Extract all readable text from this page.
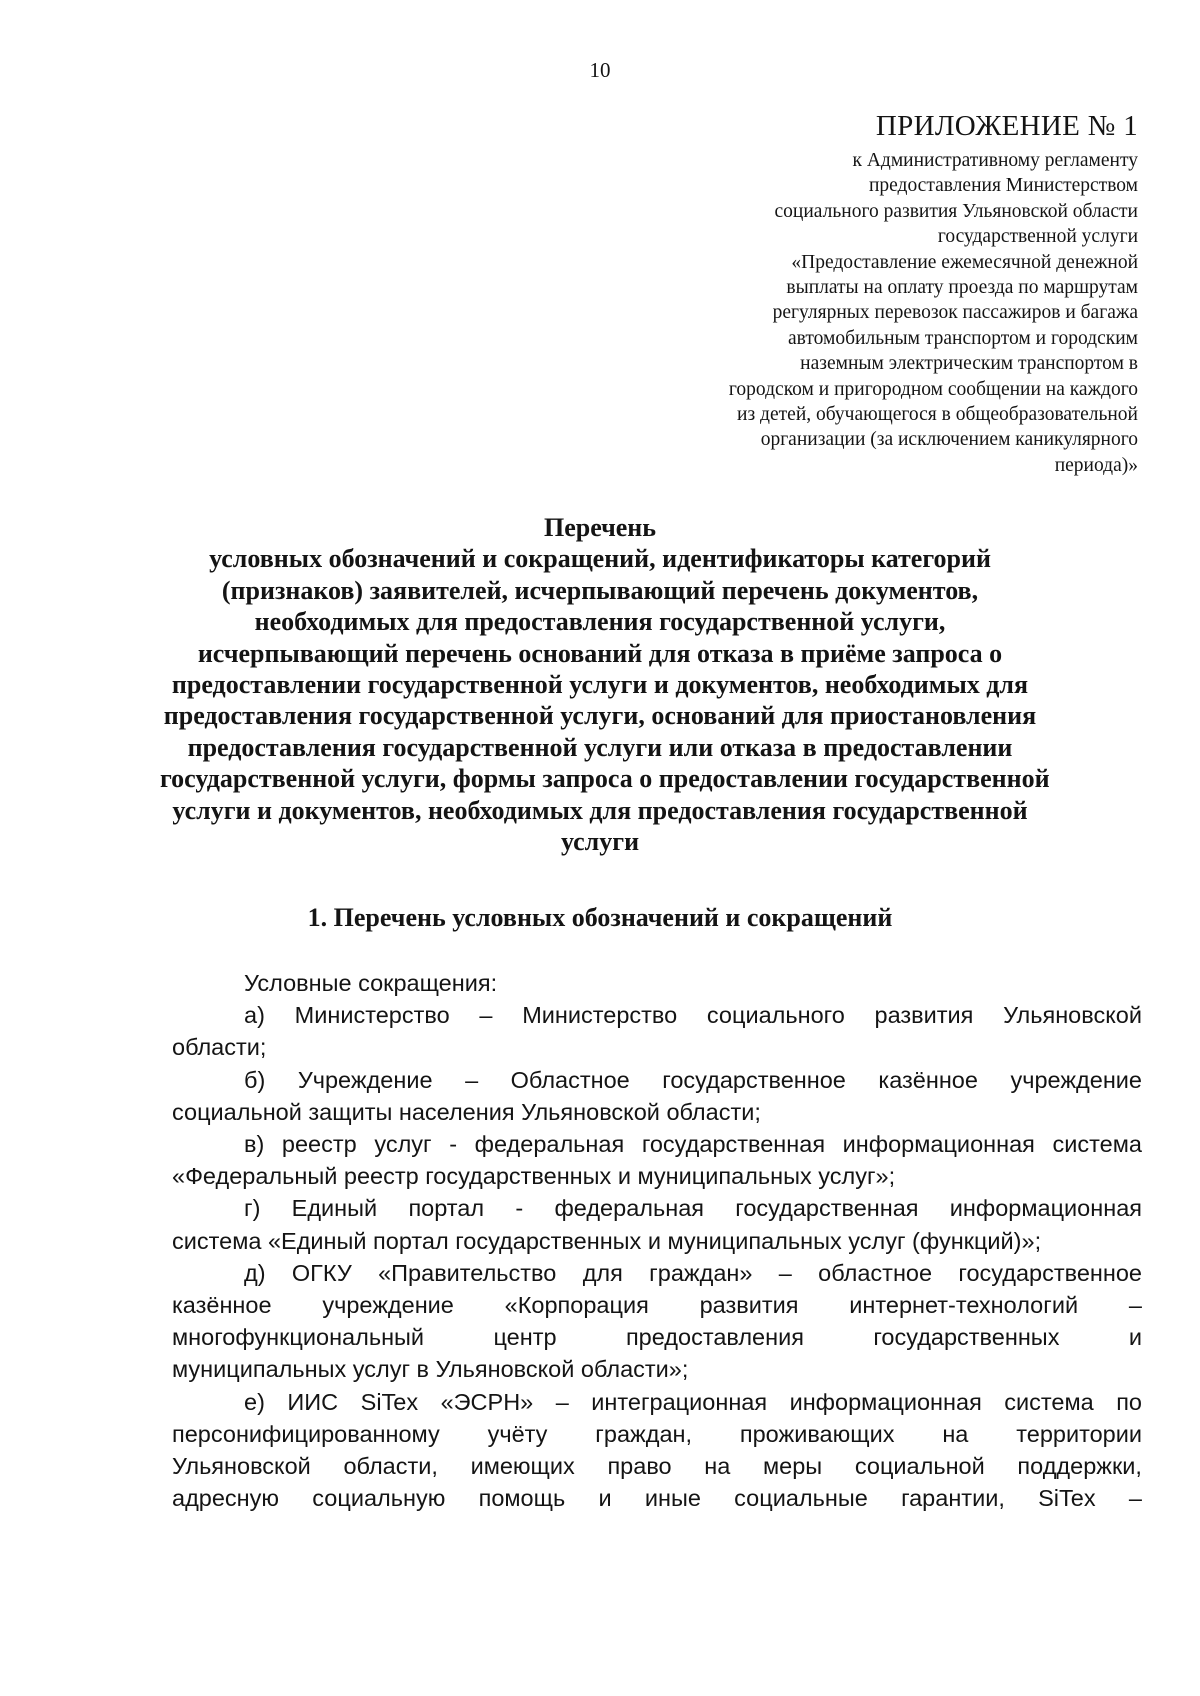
10
ПРИЛОЖЕНИЕ № 1
к Административному регламенту
предоставления Министерством
социального развития Ульяновской области
государственной услуги
«Предоставление ежемесячной денежной
выплаты на оплату проезда по маршрутам
регулярных перевозок пассажиров и багажа
автомобильным транспортом и городским
наземным электрическим транспортом в
городском и пригородном сообщении на каждого
из детей, обучающегося в общеобразовательной
организации (за исключением каникулярного
периода)»
Перечень
условных обозначений и сокращений, идентификаторы категорий
(признаков) заявителей, исчерпывающий перечень документов,
необходимых для предоставления государственной услуги,
исчерпывающий перечень оснований для отказа в приёме запроса о
предоставлении государственной услуги и документов, необходимых для
предоставления государственной услуги, оснований для приостановления
предоставления государственной услуги или отказа в предоставлении
государственной услуги, формы запроса о предоставлении государственной
услуги и документов, необходимых для предоставления государственной
услуги
1. Перечень условных обозначений и сокращений
Условные сокращения:
а) Министерство – Министерство социального развития Ульяновской
области;
б) Учреждение – Областное государственное казённое учреждение
социальной защиты населения Ульяновской области;
в) реестр услуг - федеральная государственная информационная система
«Федеральный реестр государственных и муниципальных услуг»;
г) Единый портал - федеральная государственная информационная
система «Единый портал государственных и муниципальных услуг (функций)»;
д) ОГКУ «Правительство для граждан» – областное государственное
казённое учреждение «Корпорация развития интернет-технологий –
многофункциональный	центр	предоставления	государственных	и
муниципальных услуг в Ульяновской области»;
е) ИИС SiTex «ЭСРН» – интеграционная информационная система по
персонифицированному учёту граждан, проживающих на территории
Ульяновской области, имеющих право на меры социальной поддержки,
адресную социальную помощь и иные социальные гарантии, SiTex –
